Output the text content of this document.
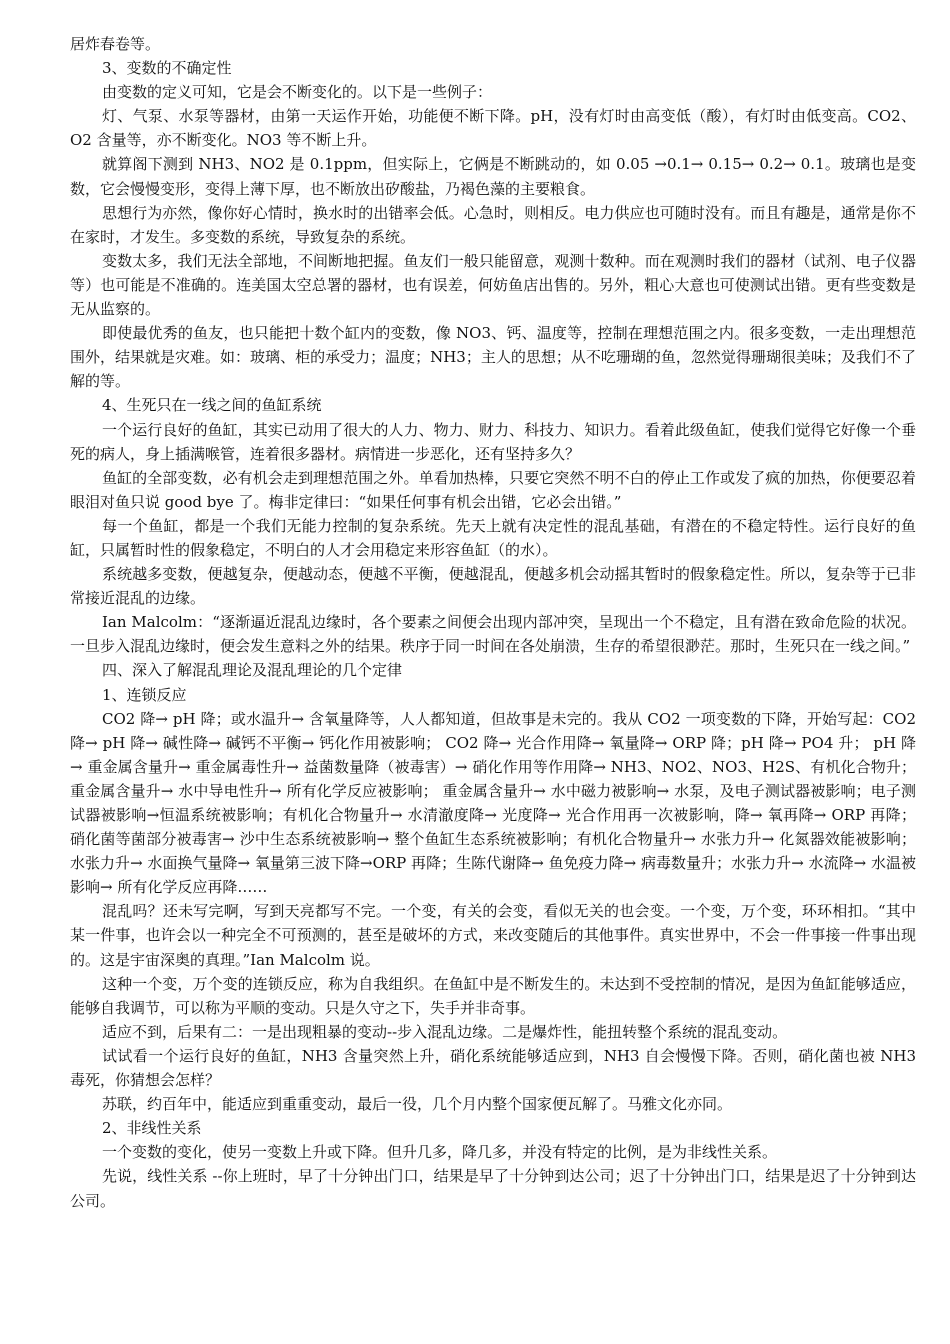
居炸春卷等。

3、变数的不确定性

由变数的定义可知，它是会不断变化的。以下是一些例子：

灯、气泵、水泵等器材，由第一天运作开始，功能便不断下降。pH，没有灯时由高变低（酸），有灯时由低变高。CO2、O2 含量等，亦不断变化。NO3 等不断上升。

就算阁下测到 NH3、NO2 是 0.1ppm，但实际上，它俩是不断跳动的，如 0.05 →0.1→ 0.15→ 0.2→ 0.1。玻璃也是变数，它会慢慢变形，变得上薄下厚，也不断放出矽酸盐，乃褐色藻的主要粮食。

思想行为亦然，像你好心情时，换水时的出错率会低。心急时，则相反。电力供应也可随时没有。而且有趣是，通常是你不在家时，才发生。多变数的系统，导致复杂的系统。

变数太多，我们无法全部地，不间断地把握。鱼友们一般只能留意，观测十数种。而在观测时我们的器材（试剂、电子仪器等）也可能是不准确的。连美国太空总署的器材，也有误差，何妨鱼店出售的。另外，粗心大意也可使测试出错。更有些变数是无从监察的。

即使最优秀的鱼友，也只能把十数个缸内的变数，像 NO3、钙、温度等，控制在理想范围之内。很多变数，一走出理想范围外，结果就是灾难。如：玻璃、柜的承受力；温度；NH3；主人的思想；从不吃珊瑚的鱼，忽然觉得珊瑚很美味；及我们不了解的等。

4、生死只在一线之间的鱼缸系统

一个运行良好的鱼缸，其实已动用了很大的人力、物力、财力、科技力、知识力。看着此级鱼缸，使我们觉得它好像一个垂死的病人，身上插满喉管，连着很多器材。病情进一步恶化，还有坚持多久？

鱼缸的全部变数，必有机会走到理想范围之外。单看加热棒，只要它突然不明不白的停止工作或发了疯的加热，你便要忍着眼泪对鱼只说 good bye 了。梅非定律曰：“如果任何事有机会出错，它必会出错。”

每一个鱼缸，都是一个我们无能力控制的复杂系统。先天上就有决定性的混乱基础，有潜在的不稳定特性。运行良好的鱼缸，只属暂时性的假象稳定，不明白的人才会用稳定来形容鱼缸（的水）。

系统越多变数，便越复杂，便越动态，便越不平衡，便越混乱，便越多机会动摇其暂时的假象稳定性。所以，复杂等于已非常接近混乱的边缘。

Ian Malcolm：“逐渐逼近混乱边缘时，各个要素之间便会出现内部冲突，呈现出一个不稳定，且有潜在致命危险的状况。一旦步入混乱边缘时，便会发生意料之外的结果。秩序于同一时间在各处崩溃，生存的希望很渺茫。那时，生死只在一线之间。”

四、深入了解混乱理论及混乱理论的几个定律

1、连锁反应

CO2 降→ pH 降；或水温升→ 含氧量降等，人人都知道，但故事是未完的。我从 CO2 一项变数的下降，开始写起：CO2 降→ pH 降→ 碱性降→ 碱钙不平衡→ 钙化作用被影响； CO2 降→ 光合作用降→ 氧量降→ ORP 降；pH 降→ PO4 升； pH 降→ 重金属含量升→ 重金属毒性升→ 益菌数量降（被毒害）→ 硝化作用等作用降→ NH3、NO2、NO3、H2S、有机化合物升；重金属含量升→ 水中导电性升→ 所有化学反应被影响； 重金属含量升→ 水中磁力被影响→ 水泵，及电子测试器被影响；电子测试器被影响→恒温系统被影响；有机化合物量升→ 水清澈度降→ 光度降→ 光合作用再一次被影响，降→ 氧再降→ ORP 再降； 硝化菌等菌部分被毒害→ 沙中生态系统被影响→ 整个鱼缸生态系统被影响；有机化合物量升→ 水张力升→ 化氮器效能被影响；水张力升→ 水面换气量降→ 氧量第三波下降→ORP 再降；生陈代谢降→ 鱼免疫力降→ 病毒数量升；水张力升→ 水流降→ 水温被影响→ 所有化学反应再降……

混乱吗？还未写完啊，写到天亮都写不完。一个变，有关的会变，看似无关的也会变。一个变，万个变，环环相扣。“其中某一件事，也许会以一种完全不可预测的，甚至是破坏的方式，来改变随后的其他事件。真实世界中，不会一件事接一件事出现的。这是宇宙深奥的真理。”Ian Malcolm 说。

这种一个变，万个变的连锁反应，称为自我组织。在鱼缸中是不断发生的。未达到不受控制的情况，是因为鱼缸能够适应，能够自我调节，可以称为平顺的变动。只是久守之下，失手并非奇事。

适应不到，后果有二：一是出现粗暴的变动--步入混乱边缘。二是爆炸性，能扭转整个系统的混乱变动。

试试看一个运行良好的鱼缸，NH3 含量突然上升，硝化系统能够适应到，NH3 自会慢慢下降。否则，硝化菌也被 NH3 毒死，你猜想会怎样？

苏联，约百年中，能适应到重重变动，最后一役，几个月内整个国家便瓦解了。马雅文化亦同。

2、非线性关系

一个变数的变化，使另一变数上升或下降。但升几多，降几多，并没有特定的比例，是为非线性关系。

先说，线性关系 --你上班时，早了十分钟出门口，结果是早了十分钟到达公司；迟了十分钟出门口，结果是迟了十分钟到达公司。
